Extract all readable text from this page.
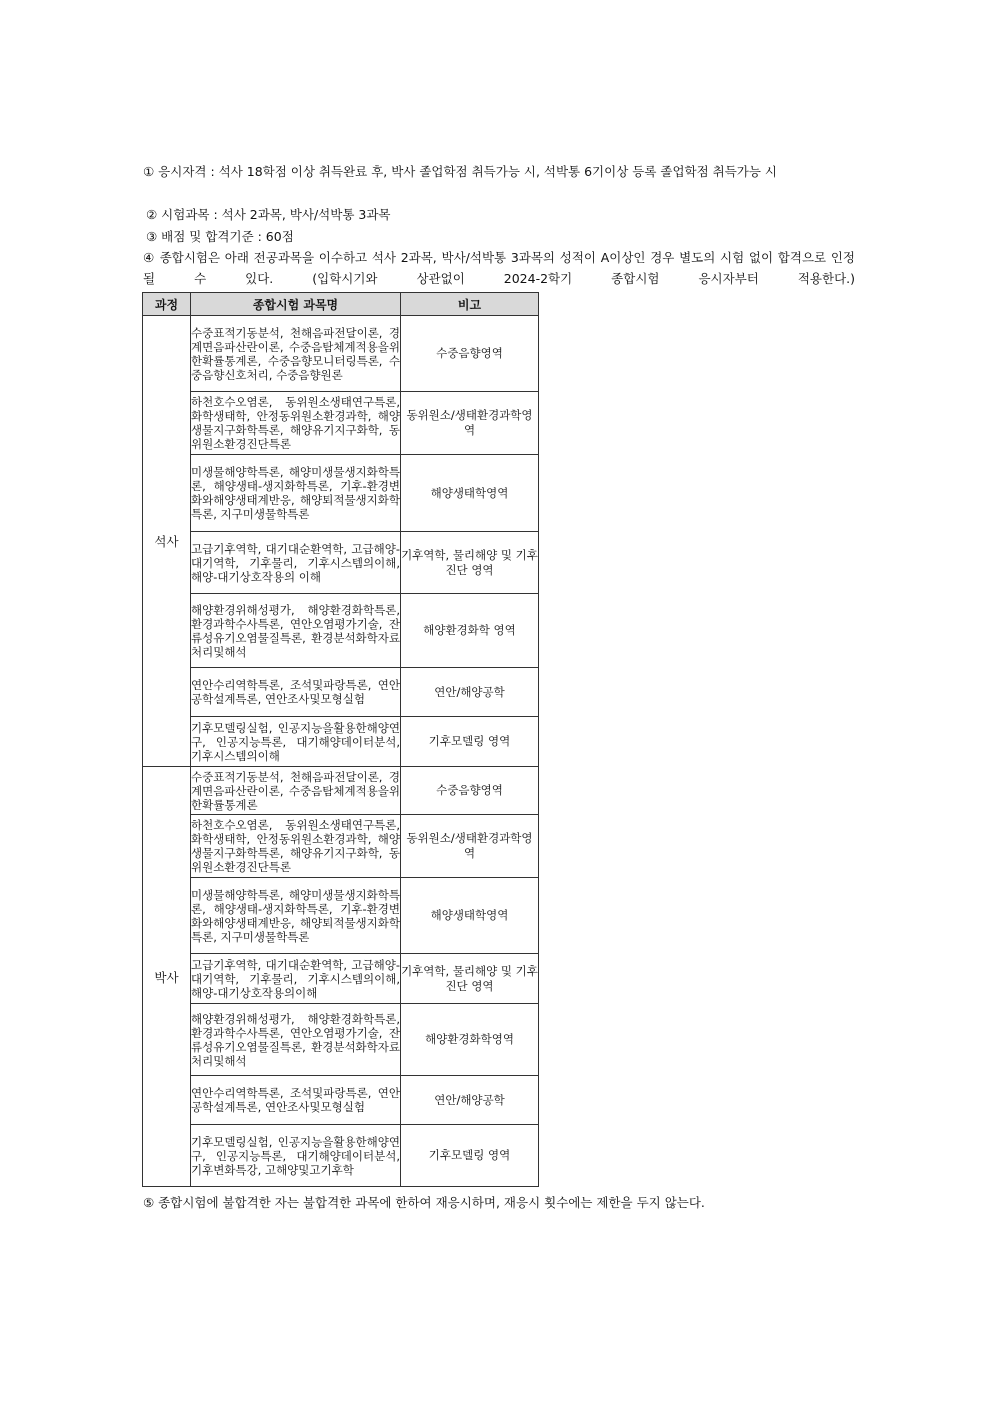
① 응시자격 : 석사 18학점 이상 취득완료 후, 박사 졸업학점 취득가능 시, 석박통 6기이상 등록 졸업학점 취득가능 시
② 시험과목 : 석사 2과목, 박사/석박통 3과목
③ 배점 및 합격기준 : 60점
④ 종합시험은 아래 전공과목을 이수하고 석사 2과목, 박사/석박통 3과목의 성적이 A이상인 경우 별도의 시험 없이 합격으로 인정 될 수 있다. (입학시기와 상관없이 2024-2학기 종합시험 응시자부터 적용한다.)
과정	종합시험 과목명	비고
석사	수중표적기동분석, 천해음파전달이론, 경계면음파산란이론, 수중음탐체계적용을위한확률통계론, 수중음향모니터링특론, 수중음향신호처리, 수중음향원론	수중음향영역
	하천호수오염론, 동위원소생태연구특론, 화학생태학, 안정동위원소환경과학, 해양생물지구화학특론, 해양유기지구화학, 동위원소환경진단특론	동위원소/생태환경과학영역
	미생물해양학특론, 해양미생물생지화학특론, 해양생태-생지화학특론, 기후-환경변화와해양생태계반응, 해양퇴적물생지화학특론, 지구미생물학특론	해양생태학영역
	고급기후역학, 대기대순환역학, 고급해양-대기역학, 기후물리, 기후시스템의이해, 해양-대기상호작용의 이해	기후역학, 물리해양 및 기후진단 영역
	해양환경위해성평가, 해양환경화학특론, 환경과학수사특론, 연안오염평가기술, 잔류성유기오염물질특론, 환경분석화학자료처리및해석	해양환경화학 영역
	연안수리역학특론, 조석및파랑특론, 연안공학설계특론, 연안조사및모형실험	연안/해양공학
	기후모델링실험, 인공지능을활용한해양연구, 인공지능특론, 대기해양데이터분석, 기후시스템의이해	기후모델링 영역
박사	수중표적기동분석, 천해음파전달이론, 경계면음파산란이론, 수중음탐체계적용을위한확률통계론	수중음향영역
	하천호수오염론, 동위원소생태연구특론, 화학생태학, 안정동위원소환경과학, 해양생물지구화학특론, 해양유기지구화학, 동위원소환경진단특론	동위원소/생태환경과학영역
	미생물해양학특론, 해양미생물생지화학특론, 해양생태-생지화학특론, 기후-환경변화와해양생태계반응, 해양퇴적물생지화학특론, 지구미생물학특론	해양생태학영역
	고급기후역학, 대기대순환역학, 고급해양-대기역학, 기후물리, 기후시스템의이해, 해양-대기상호작용의이해	기후역학, 물리해양 및 기후진단 영역
	해양환경위해성평가, 해양환경화학특론, 환경과학수사특론, 연안오염평가기술, 잔류성유기오염물질특론, 환경분석화학자료처리및해석	해양환경화학영역
	연안수리역학특론, 조석및파랑특론, 연안공학설계특론, 연안조사및모형실험	연안/해양공학
	기후모델링실험, 인공지능을활용한해양연구, 인공지능특론, 대기해양데이터분석, 기후변화특강, 고해양및고기후학	기후모델링 영역
⑤ 종합시험에 불합격한 자는 불합격한 과목에 한하여 재응시하며, 재응시 횟수에는 제한을 두지 않는다.
